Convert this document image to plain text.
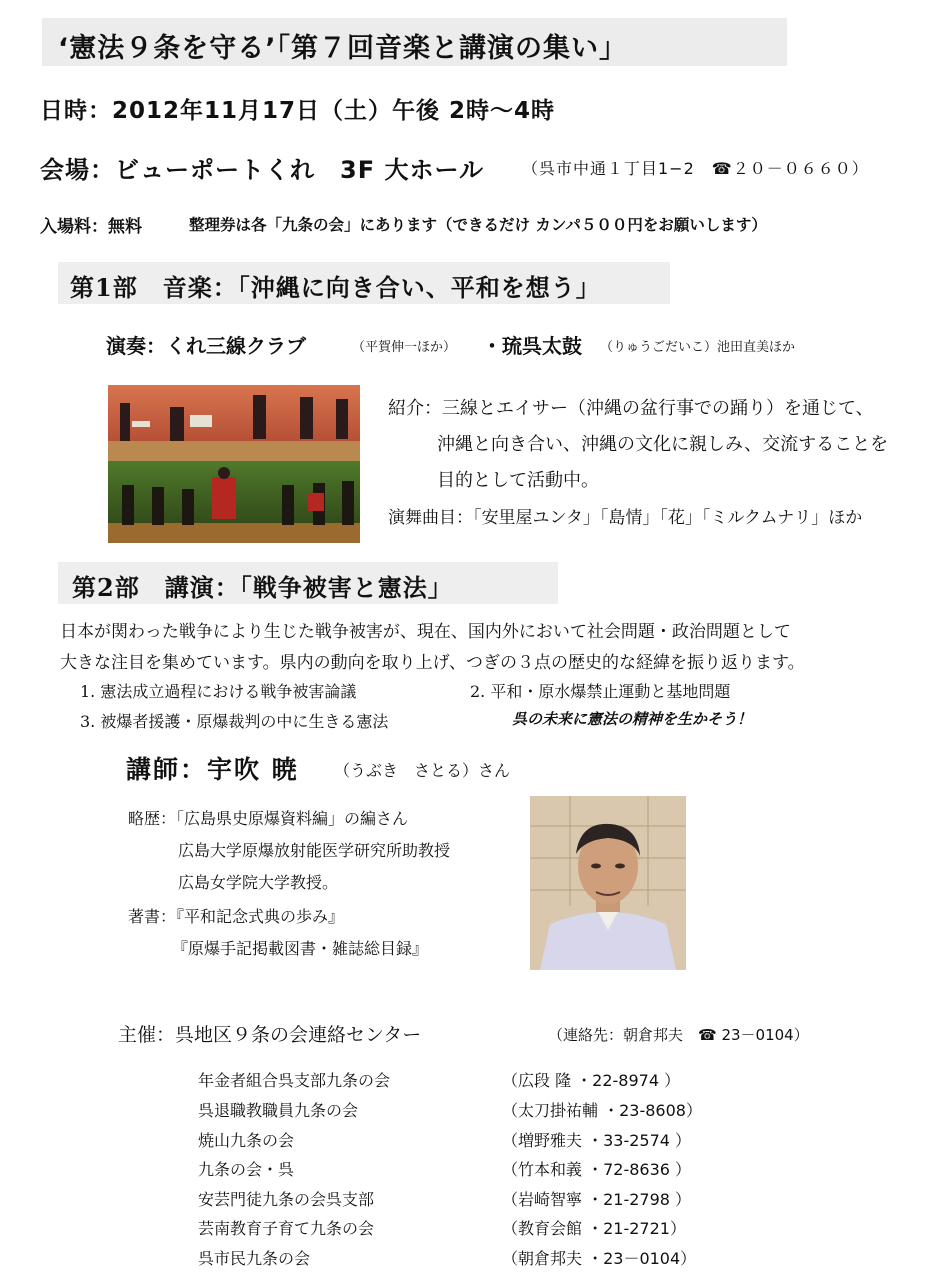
‘憲法９条を守る’「第７回音楽と講演の集い」
日時：2012年11月17日（土）午後 2時～4時
会場：ビューポートくれ　3F 大ホール （呉市中通１丁目1−2　☎２０－０６６０）
入場料：無料	整理券は各「九条の会」にあります（できるだけ カンパ５００円をお願いします）
第1部　音楽：「沖縄に向き合い、平和を想う」
演奏：くれ三線クラブ	（平賀伸一ほか） ・琉呉太鼓 （りゅうごだいこ）池田直美ほか
紹介：三線とエイサー（沖縄の盆行事での踊り）を通じて、
沖縄と向き合い、沖縄の文化に親しみ、交流することを
目的として活動中。
演舞曲目：「安里屋ユンタ」「島情」「花」「ミルクムナリ」ほか
第2部　講演：「戦争被害と憲法」
日本が関わった戦争により生じた戦争被害が、現在、国内外において社会問題・政治問題として
大きな注目を集めています。県内の動向を取り上げ、つぎの３点の歴史的な経緯を振り返ります。
1. 憲法成立過程における戦争被害論議	2. 平和・原水爆禁止運動と基地問題
3. 被爆者援護・原爆裁判の中に生きる憲法	呉の未来に憲法の精神を生かそう！
講師：宇吹 暁 （うぶき　さとる）さん
略歴：「広島県史原爆資料編」の編さん
広島大学原爆放射能医学研究所助教授
広島女学院大学教授。
著書：『平和記念式典の歩み』
『原爆手記掲載図書・雑誌総目録』
主催：呉地区９条の会連絡センター	（連絡先：朝倉邦夫　☎ 23－0104）
年金者組合呉支部九条の会	（広段 隆 ・22-8974 ）
呉退職教職員九条の会	（太刀掛祐輔 ・23-8608）
焼山九条の会	（増野雅夫 ・33-2574 ）
九条の会・呉	（竹本和義 ・72-8636 ）
安芸門徒九条の会呉支部	（岩崎智寧 ・21-2798 ）
芸南教育子育て九条の会	（教育会館 ・21-2721）
呉市民九条の会	（朝倉邦夫 ・23－0104）
